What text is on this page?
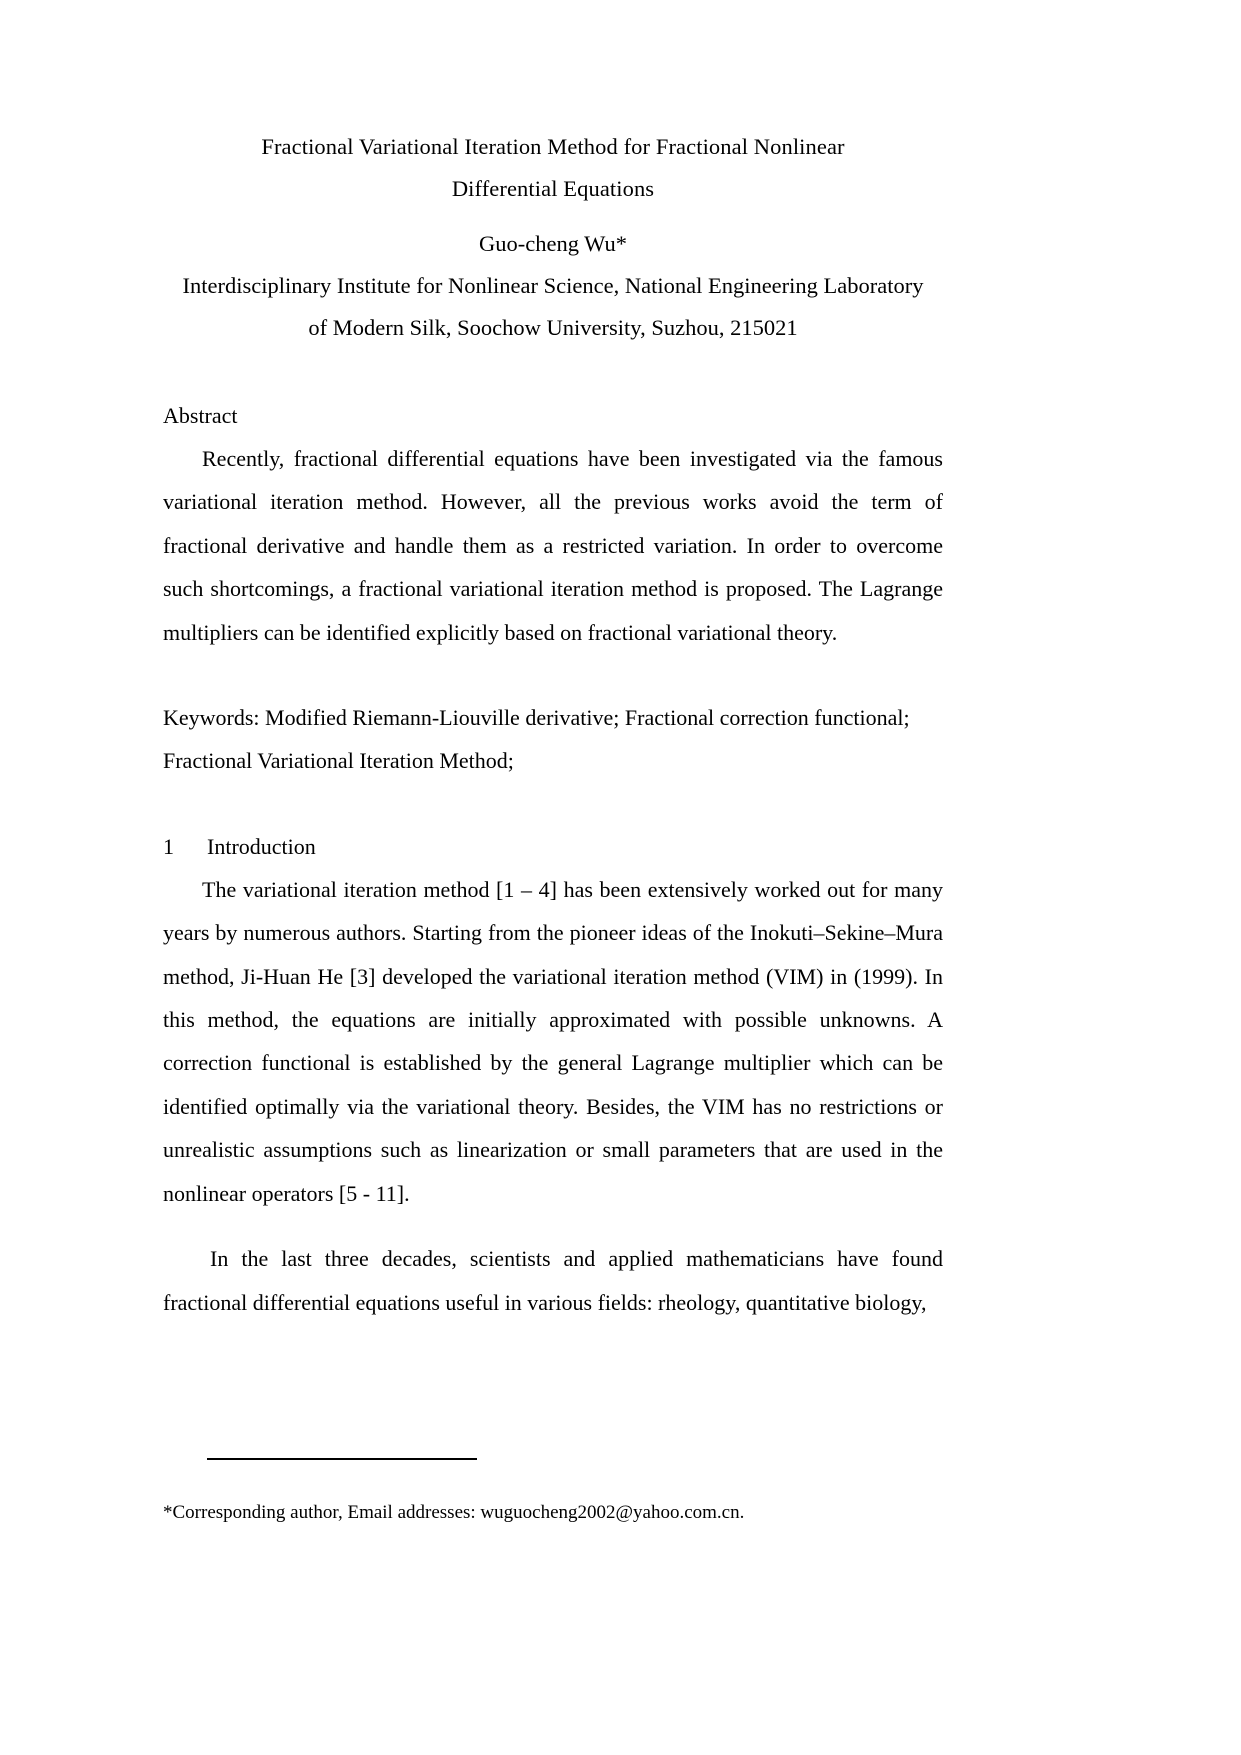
Fractional Variational Iteration Method for Fractional Nonlinear
Differential Equations
Guo-cheng Wu*
Interdisciplinary Institute for Nonlinear Science, National Engineering Laboratory
of Modern Silk, Soochow University, Suzhou, 215021
Abstract

Recently, fractional differential equations have been investigated via the famous variational iteration method. However, all the previous works avoid the term of fractional derivative and handle them as a restricted variation. In order to overcome such shortcomings, a fractional variational iteration method is proposed. The Lagrange multipliers can be identified explicitly based on fractional variational theory.

Keywords: Modified Riemann-Liouville derivative; Fractional correction functional; Fractional Variational Iteration Method;

1 Introduction

The variational iteration method [1 – 4] has been extensively worked out for many years by numerous authors. Starting from the pioneer ideas of the Inokuti–Sekine–Mura method, Ji-Huan He [3] developed the variational iteration method (VIM) in (1999). In this method, the equations are initially approximated with possible unknowns. A correction functional is established by the general Lagrange multiplier which can be identified optimally via the variational theory. Besides, the VIM has no restrictions or unrealistic assumptions such as linearization or small parameters that are used in the nonlinear operators [5 - 11].

In the last three decades, scientists and applied mathematicians have found fractional differential equations useful in various fields: rheology, quantitative biology,

*Corresponding author, Email addresses: wuguocheng2002@yahoo.com.cn.
